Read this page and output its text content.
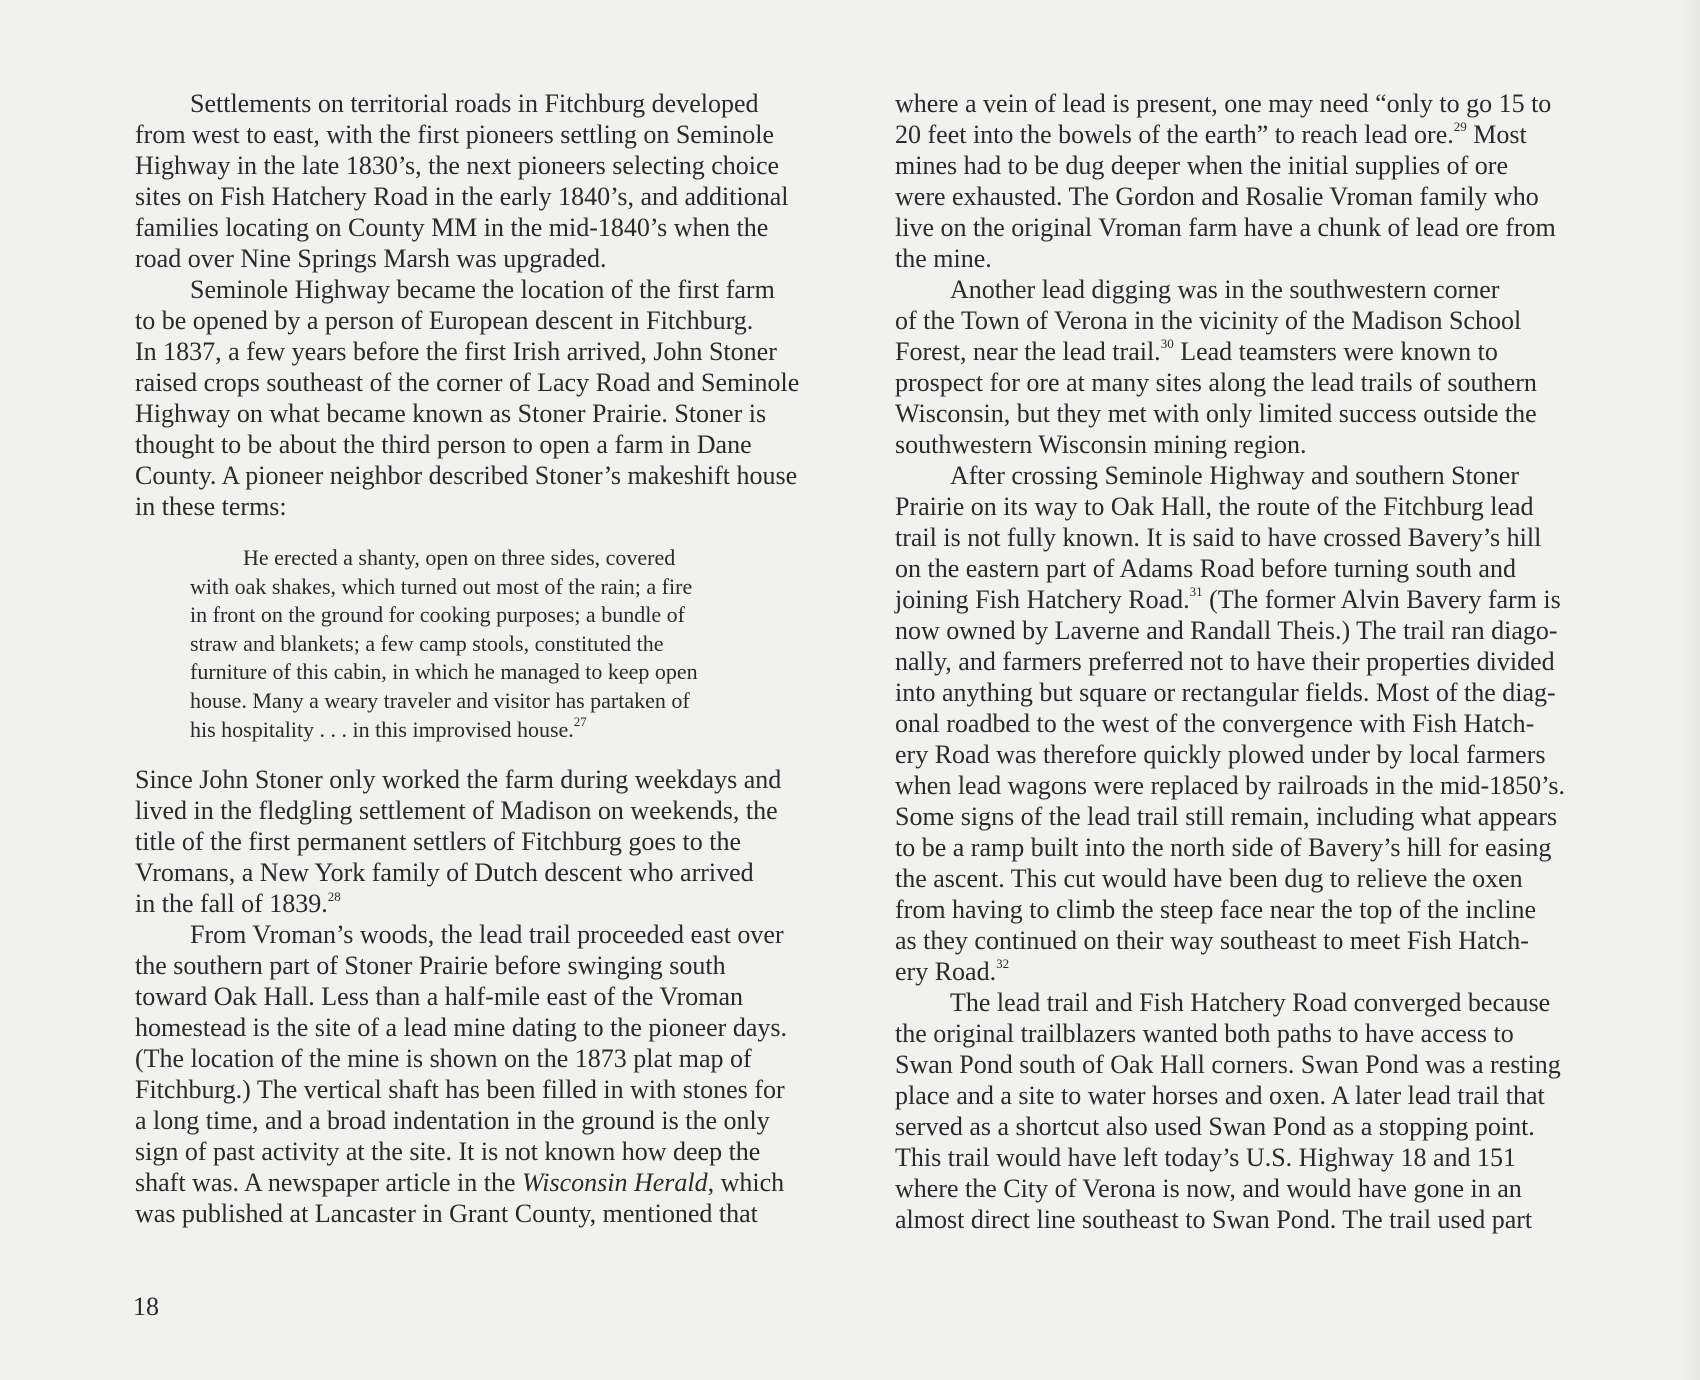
Settlements on territorial roads in Fitchburg developed
from west to east, with the first pioneers settling on Seminole
Highway in the late 1830’s, the next pioneers selecting choice
sites on Fish Hatchery Road in the early 1840’s, and additional
families locating on County MM in the mid-1840’s when the
road over Nine Springs Marsh was upgraded.
Seminole Highway became the location of the first farm
to be opened by a person of European descent in Fitchburg.
In 1837, a few years before the first Irish arrived, John Stoner
raised crops southeast of the corner of Lacy Road and Seminole
Highway on what became known as Stoner Prairie. Stoner is
thought to be about the third person to open a farm in Dane
County. A pioneer neighbor described Stoner’s makeshift house
in these terms:
He erected a shanty, open on three sides, covered
with oak shakes, which turned out most of the rain; a fire
in front on the ground for cooking purposes; a bundle of
straw and blankets; a few camp stools, constituted the
furniture of this cabin, in which he managed to keep open
house. Many a weary traveler and visitor has partaken of
his hospitality . . . in this improvised house.$^{27}$
Since John Stoner only worked the farm during weekdays and
lived in the fledgling settlement of Madison on weekends, the
title of the first permanent settlers of Fitchburg goes to the
Vromans, a New York family of Dutch descent who arrived
in the fall of 1839.28
From Vroman’s woods, the lead trail proceeded east over
the southern part of Stoner Prairie before swinging south
toward Oak Hall. Less than a half-mile east of the Vroman
homestead is the site of a lead mine dating to the pioneer days.
(The location of the mine is shown on the 1873 plat map of
Fitchburg.) The vertical shaft has been filled in with stones for
a long time, and a broad indentation in the ground is the only
sign of past activity at the site. It is not known how deep the
shaft was. A newspaper article in the Wisconsin Herald, which
was published at Lancaster in Grant County, mentioned that
where a vein of lead is present, one may need “only to go 15 to
20 feet into the bowels of the earth” to reach lead ore.$^{29}$ Most
mines had to be dug deeper when the initial supplies of ore
were exhausted. The Gordon and Rosalie Vroman family who
live on the original Vroman farm have a chunk of lead ore from
the mine.
Another lead digging was in the southwestern corner
of the Town of Verona in the vicinity of the Madison School
Forest, near the lead trail.$^{30}$ Lead teamsters were known to
prospect for ore at many sites along the lead trails of southern
Wisconsin, but they met with only limited success outside the
southwestern Wisconsin mining region.
After crossing Seminole Highway and southern Stoner
Prairie on its way to Oak Hall, the route of the Fitchburg lead
trail is not fully known. It is said to have crossed Bavery’s hill
on the eastern part of Adams Road before turning south and
joining Fish Hatchery Road.$^{31}$ (The former Alvin Bavery farm is
now owned by Laverne and Randall Theis.) The trail ran diago-
nally, and farmers preferred not to have their properties divided
into anything but square or rectangular fields. Most of the diag-
onal roadbed to the west of the convergence with Fish Hatch-
ery Road was therefore quickly plowed under by local farmers
when lead wagons were replaced by railroads in the mid-1850’s.
Some signs of the lead trail still remain, including what appears
to be a ramp built into the north side of Bavery’s hill for easing
the ascent. This cut would have been dug to relieve the oxen
from having to climb the steep face near the top of the incline
as they continued on their way southeast to meet Fish Hatch-
ery Road.$^{32}$
The lead trail and Fish Hatchery Road converged because
the original trailblazers wanted both paths to have access to
Swan Pond south of Oak Hall corners. Swan Pond was a resting
place and a site to water horses and oxen. A later lead trail that
served as a shortcut also used Swan Pond as a stopping point.
This trail would have left today’s U.S. Highway 18 and 151
where the City of Verona is now, and would have gone in an
almost direct line southeast to Swan Pond. The trail used part
18
